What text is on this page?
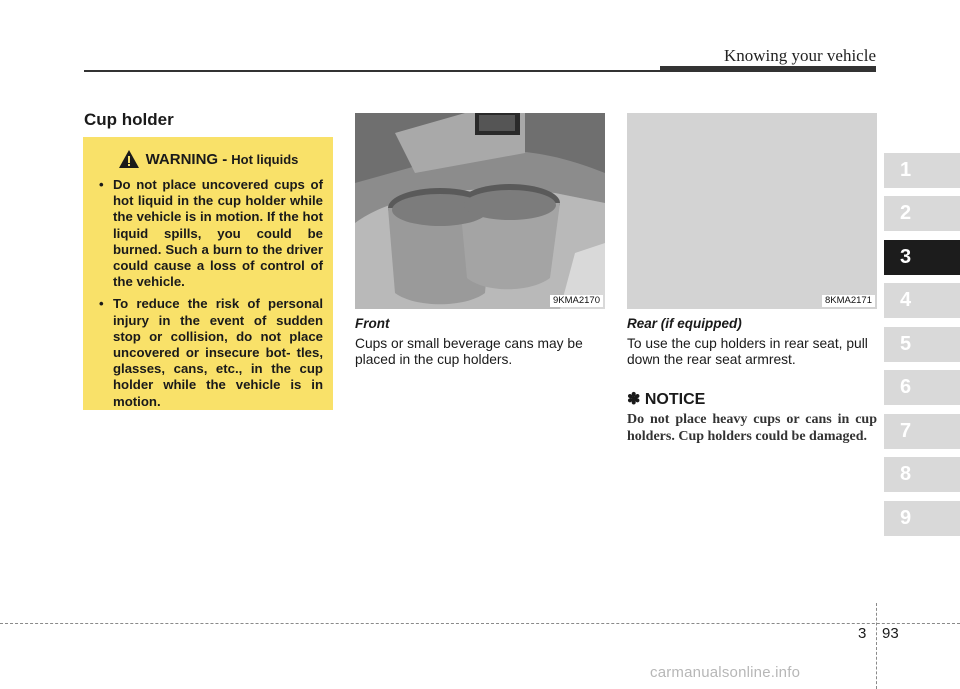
Knowing your vehicle
Cup holder
WARNING - Hot liquids
• Do not place uncovered cups of hot liquid in the cup holder while the vehicle is in motion. If the hot liquid spills, you could be burned. Such a burn to the driver could cause a loss of control of the vehicle.
• To reduce the risk of personal injury in the event of sudden stop or collision, do not place uncovered or insecure bot- tles, glasses, cans, etc., in the cup holder while the vehicle is in motion.
9KMA2170	8KMA2171
Front
Cups or small beverage cans may be placed in the cup holders.
Rear (if equipped)
To use the cup holders in rear seat, pull down the rear seat armrest.
✽ NOTICE
Do not place heavy cups or cans in cup holders. Cup holders could be damaged.
1
2
3
4
5
6
7
8
9
3 93
carmanualsonline.info
